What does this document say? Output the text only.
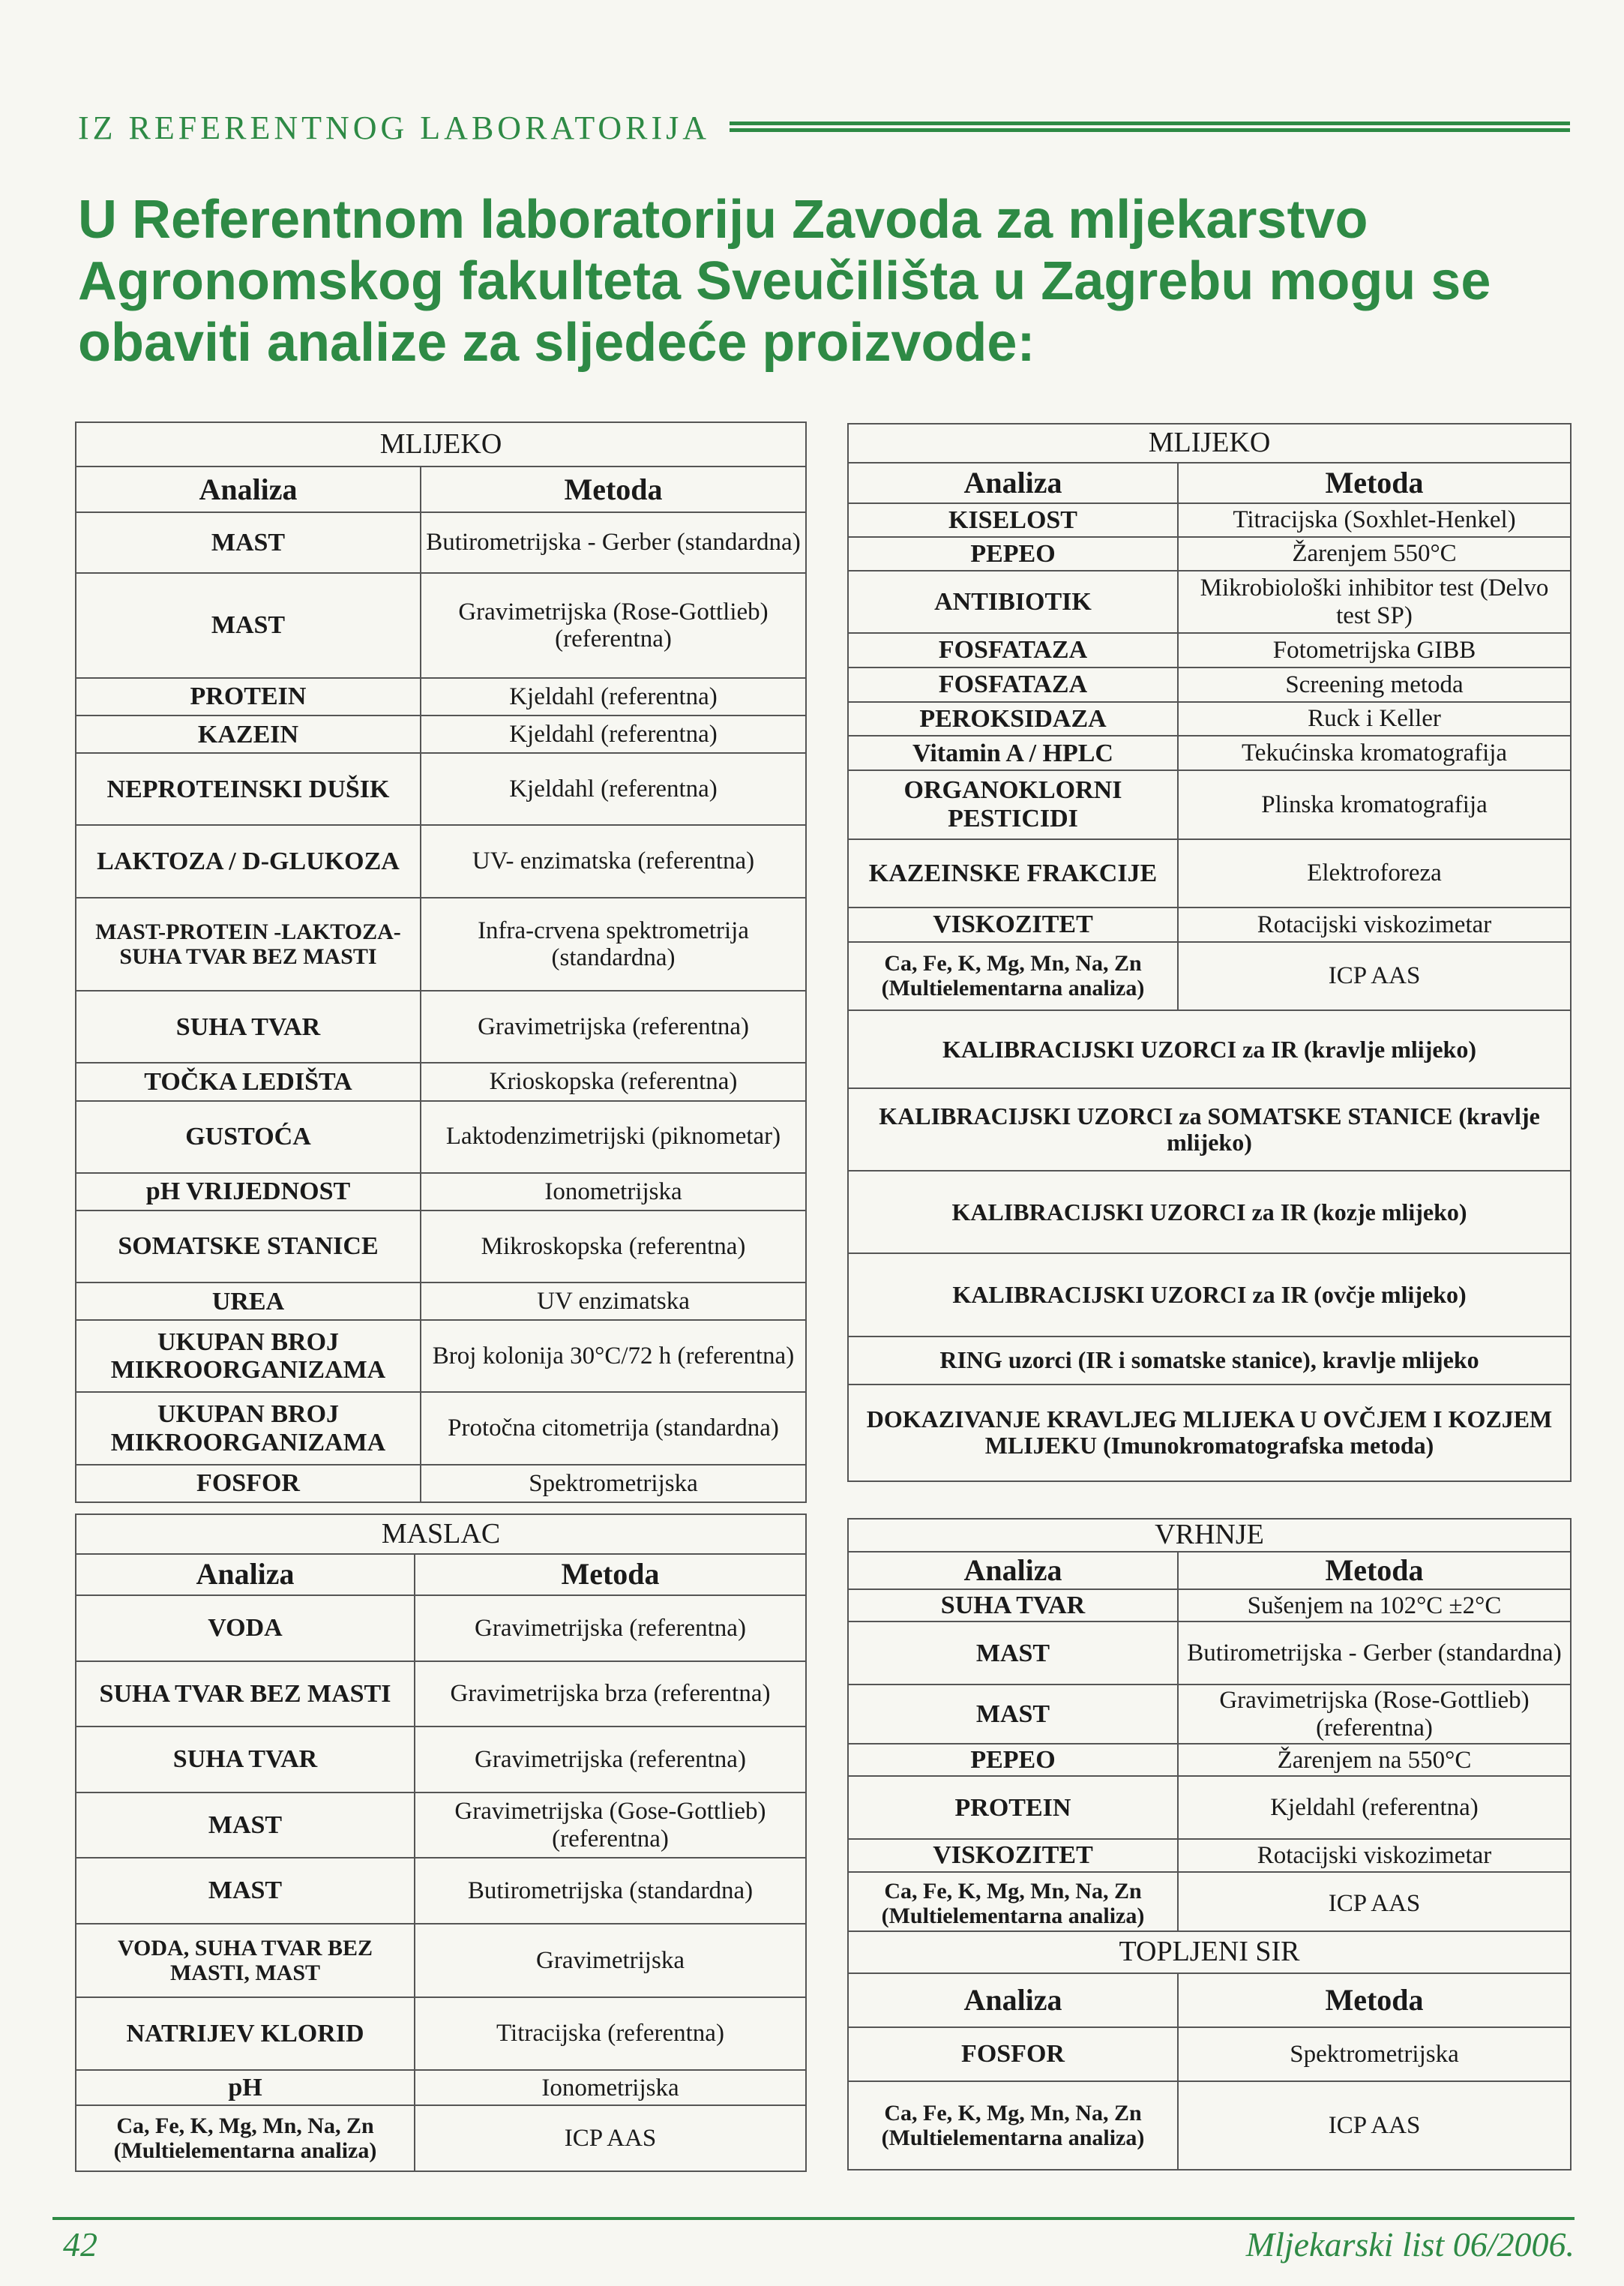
IZ REFERENTNOG LABORATORIJA
U Referentnom laboratoriju Zavoda za mljekarstvo Agronomskog fakulteta Sveučilišta u Zagrebu mogu se obaviti analize za sljedeće proizvode:
MLIJEKO	
Analiza	Metoda
MAST	Butirometrijska - Gerber (standardna)
MAST	Gravimetrijska (Rose-Gottlieb) (referentna)
PROTEIN	Kjeldahl (referentna)
KAZEIN	Kjeldahl (referentna)
NEPROTEINSKI DUŠIK	Kjeldahl (referentna)
LAKTOZA / D-GLUKOZA	UV- enzimatska (referentna)
MAST-PROTEIN -LAKTOZA-SUHA TVAR BEZ MASTI	Infra-crvena spektrometrija (standardna)
SUHA TVAR	Gravimetrijska (referentna)
TOČKA LEDIŠTA	Krioskopska (referentna)
GUSTOĆA	Laktodenzimetrijski (piknometar)
pH VRIJEDNOST	Ionometrijska
SOMATSKE STANICE	Mikroskopska (referentna)
UREA	UV enzimatska
UKUPAN BROJ MIKROORGANIZAMA	Broj kolonija 30°C/72 h (referentna)
UKUPAN BROJ MIKROORGANIZAMA	Protočna citometrija (standardna)
FOSFOR	Spektrometrijska
MLIJEKO	
Analiza	Metoda
KISELOST	Titracijska (Soxhlet-Henkel)
PEPEO	Žarenjem 550°C
ANTIBIOTIK	Mikrobiološki inhibitor test (Delvo test SP)
FOSFATAZA	Fotometrijska GIBB
FOSFATAZA	Screening metoda
PEROKSIDAZA	Ruck i Keller
Vitamin A / HPLC	Tekućinska kromatografija
ORGANOKLORNI PESTICIDI	Plinska kromatografija
KAZEINSKE FRAKCIJE	Elektroforeza
VISKOZITET	Rotacijski viskozimetar
Ca, Fe, K, Mg, Mn, Na, Zn (Multielementarna analiza)	ICP AAS
KALIBRACIJSKI UZORCI za IR (kravlje mlijeko)	
KALIBRACIJSKI UZORCI za SOMATSKE STANICE (kravlje mlijeko)	
KALIBRACIJSKI UZORCI za IR (kozje mlijeko)	
KALIBRACIJSKI UZORCI za IR (ovčje mlijeko)	
RING uzorci (IR i somatske stanice), kravlje mlijeko	
DOKAZIVANJE KRAVLJEG MLIJEKA U OVČJEM I KOZJEM MLIJEKU (Imunokromatografska metoda)	
MASLAC	
Analiza	Metoda
VODA	Gravimetrijska (referentna)
SUHA TVAR BEZ MASTI	Gravimetrijska brza (referentna)
SUHA TVAR	Gravimetrijska (referentna)
MAST	Gravimetrijska (Gose-Gottlieb) (referentna)
MAST	Butirometrijska (standardna)
VODA, SUHA TVAR BEZ MASTI, MAST	Gravimetrijska
NATRIJEV KLORID	Titracijska (referentna)
pH	Ionometrijska
Ca, Fe, K, Mg, Mn, Na, Zn (Multielementarna analiza)	ICP AAS
VRHNJE	
Analiza	Metoda
SUHA TVAR	Sušenjem na 102°C ±2°C
MAST	Butirometrijska - Gerber (standardna)
MAST	Gravimetrijska (Rose-Gottlieb) (referentna)
PEPEO	Žarenjem na 550°C
PROTEIN	Kjeldahl (referentna)
VISKOZITET	Rotacijski viskozimetar
Ca, Fe, K, Mg, Mn, Na, Zn (Multielementarna analiza)	ICP AAS
TOPLJENI SIR	
Analiza	Metoda
FOSFOR	Spektrometrijska
Ca, Fe, K, Mg, Mn, Na, Zn (Multielementarna analiza)	ICP AAS
42	Mljekarski list 06/2006.
